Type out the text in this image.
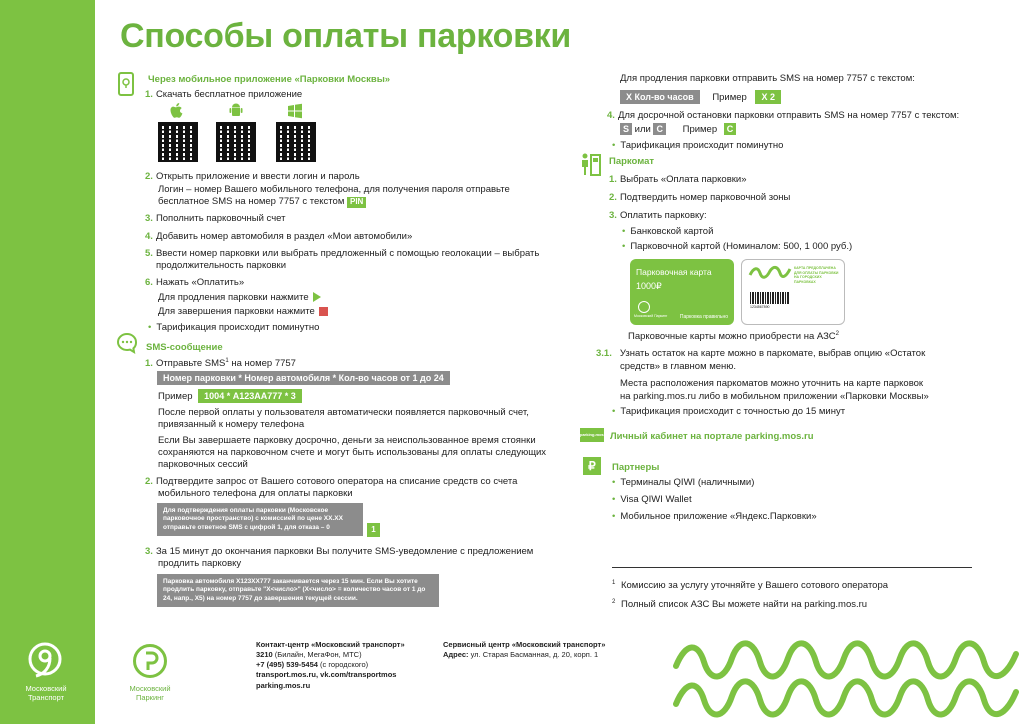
Способы оплаты парковки
Через мобильное приложение «Парковки Москвы»
1. Скачать бесплатное приложение
2. Открыть приложение и ввести логин и пароль
Логин – номер Вашего мобильного телефона, для получения пароля отправьте
бесплатное SMS на номер 7757 с текстом PIN
3. Пополнить парковочный счет
4. Добавить номер автомобиля в раздел «Мои автомобили»
5. Ввести номер парковки или выбрать предложенный с помощью геолокации – выбрать
продолжительность парковки
6. Нажать «Оплатить»
Для продления парковки нажмите
Для завершения парковки нажмите
• Тарификация происходит поминутно
SMS-сообщение
1. Отправьте SMS$^1$ на номер 7757
Номер парковки * Номер автомобиля * Кол-во часов от 1 до 24
Пример 1004 * А123АА777 * 3
После первой оплаты у пользователя автоматически появляется парковочный счет,
привязанный к номеру телефона
Если Вы завершаете парковку досрочно, деньги за неиспользованное время стоянки
сохраняются на парковочном счете и могут быть использованы для оплаты следующих
парковочных сессий
2. Подтвердите запрос от Вашего сотового оператора на списание средств со счета
мобильного телефона для оплаты парковки
Для подтверждения оплаты парковки (Московское парковочное пространство) с комиссией по цене ХХ.ХХ отправьте ответное SMS с цифрой 1, для отказа – 0	1
3. За 15 минут до окончания парковки Вы получите SMS-уведомление с предложением
продлить парковку
Парковка автомобиля Х123ХХ777 заканчивается через 15 мин. Если Вы хотите продлить парковку, отправьте "Х<число>" (Х<число> = количество часов от 1 до 24, напр., Х5) на номер 7757 до завершения текущей сессии.
Для продления парковки отправить SMS на номер 7757 с текстом:
Х Кол-во часов Пример Х 2
4. Для досрочной остановки парковки отправить SMS на номер 7757 с текстом:
S или С Пример С
• Тарификация происходит поминутно
Паркомат
1. Выбрать «Оплата парковки»
2. Подтвердить номер парковочной зоны
3. Оплатить парковку:
• Банковской картой
• Парковочной картой (Номиналом: 500, 1 000 руб.)
Парковочная карта
1000₽
Московский Паркинг	Парковка правильно
КАРТА ПРЕДОПЛАЧЕНА ДЛЯ ОПЛАТЫ ПАРКОВКИ НА ГОРОДСКИХ ПАРКОВКАХ
1234567890
Парковочные карты можно приобрести на АЗС$^2$
3.1. Узнать остаток на карте можно в паркомате, выбрав опцию «Остаток
средств» в главном меню.
Места расположения паркоматов можно уточнить на карте парковок
на parking.mos.ru либо в мобильном приложении «Парковки Москвы»
• Тарификация происходит с точностью до 15 минут
parking.mos.ru Личный кабинет на портале parking.mos.ru
₽	Партнеры
• Терминалы QIWI (наличными)
• Visa QIWI Wallet
• Мобильное приложение «Яндекс.Парковки»
$^1$ Комиссию за услугу уточняйте у Вашего сотового оператора
$^2$ Полный список АЗС Вы можете найти на parking.mos.ru
Московский Транспорт
Московский Паркинг
Контакт-центр «Московский транспорт»
3210 (Билайн, МегаФон, МТС)
+7 (495) 539-5454 (с городского)
transport.mos.ru, vk.com/transportmos
parking.mos.ru
Сервисный центр «Московский транспорт»
Адрес: ул. Старая Басманная, д. 20, корп. 1
